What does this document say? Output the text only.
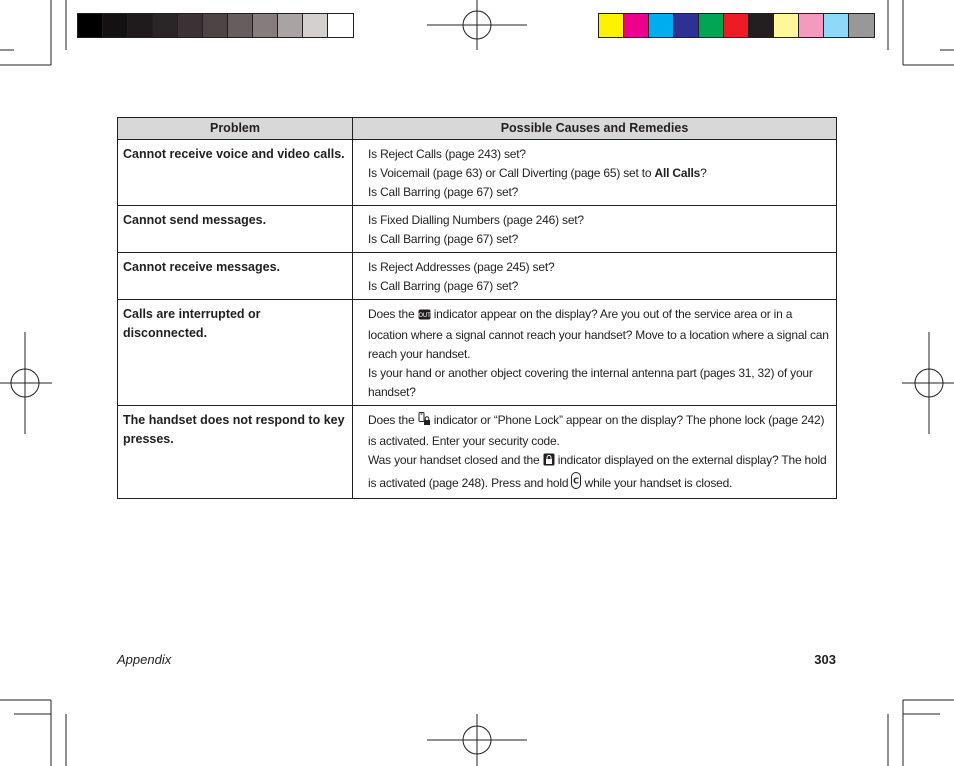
Problem	Possible Causes and Remedies
Cannot receive voice and video calls.	Is Reject Calls (page 243) set?
Is Voicemail (page 63) or Call Diverting (page 65) set to All Calls?
Is Call Barring (page 67) set?

Cannot send messages.	Is Fixed Dialling Numbers (page 246) set?
Is Call Barring (page 67) set?

Cannot receive messages.	Is Reject Addresses (page 245) set?
Is Call Barring (page 67) set?

Calls are interrupted or disconnected.	Does the OUT indicator appear on the display? Are you out of the service area or in a location where a signal cannot reach your handset? Move to a location where a signal can reach your handset.
Is your hand or another object covering the internal antenna part (pages 31, 32) of your handset?

The handset does not respond to key presses.	Does the  indicator or “Phone Lock” appear on the display? The phone lock (page 242) is activated. Enter your security code.
Was your handset closed and the  indicator displayed on the external display? The hold is activated (page 248). Press and hold C while your handset is closed.
Appendix	303
